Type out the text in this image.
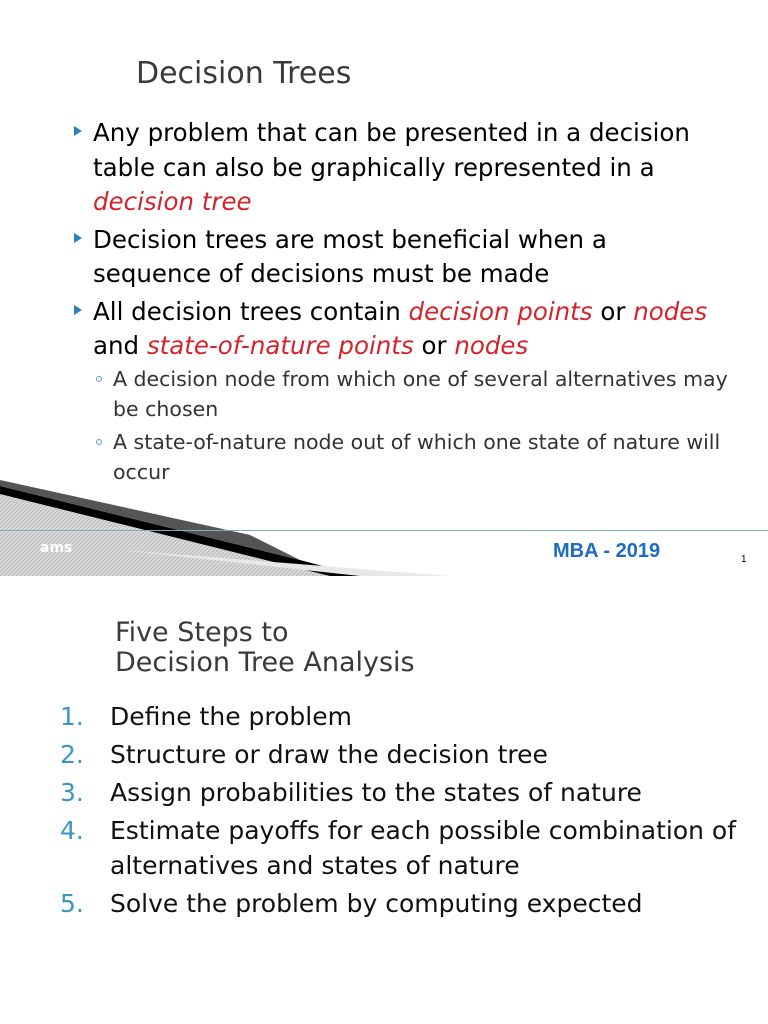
Decision Trees
Any problem that can be presented in a decision table can also be graphically represented in a decision tree
Decision trees are most beneficial when a sequence of decisions must be made
All decision trees contain decision points or nodes and state-of-nature points or nodes
A decision node from which one of several alternatives may be chosen
A state-of-nature node out of which one state of nature will occur
ams	MBA - 2019	1
Five Steps to
Decision Tree Analysis
1. Define the problem
2. Structure or draw the decision tree
3. Assign probabilities to the states of nature
4. Estimate payoffs for each possible combination of alternatives and states of nature
5. Solve the problem by computing expected
